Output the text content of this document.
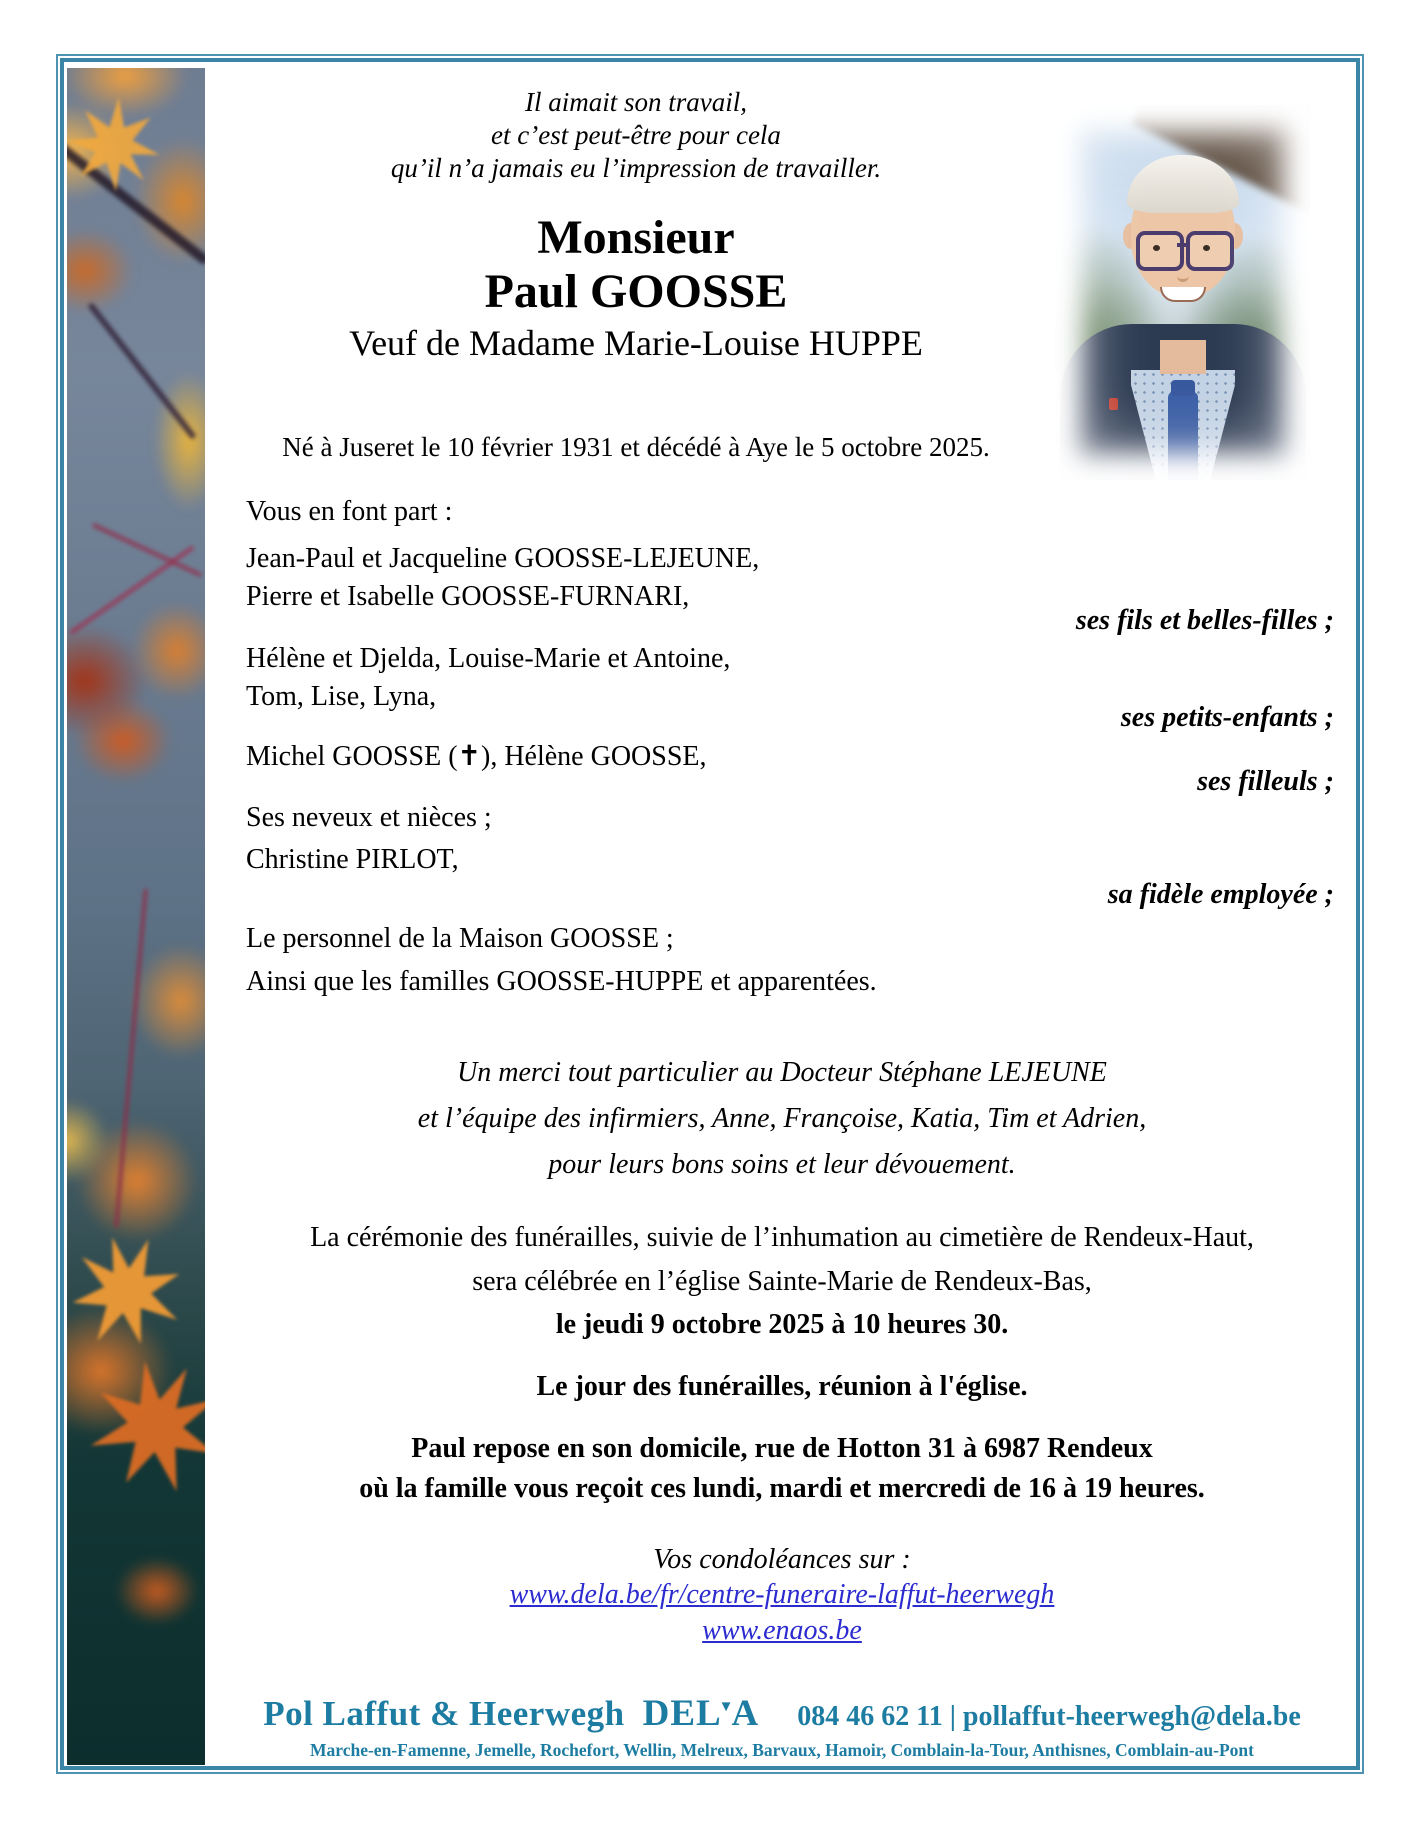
Il aimait son travail,
et c’est peut-être pour cela
qu’il n’a jamais eu l’impression de travailler.
Monsieur
Paul GOOSSE
Veuf de Madame Marie-Louise HUPPE
Né à Juseret le 10 février 1931 et décédé à Aye le 5 octobre 2025.
Vous en font part :
Jean-Paul et Jacqueline GOOSSE-LEJEUNE,
Pierre et Isabelle GOOSSE-FURNARI,
ses fils et belles-filles ;
Hélène et Djelda, Louise-Marie et Antoine,
Tom, Lise, Lyna,
ses petits-enfants ;
Michel GOOSSE (✝), Hélène GOOSSE,
ses filleuls ;
Ses neveux et nièces ;
Christine PIRLOT,
sa fidèle employée ;
Le personnel de la Maison GOOSSE ;
Ainsi que les familles GOOSSE-HUPPE et apparentées.
Un merci tout particulier au Docteur Stéphane LEJEUNE
et l’équipe des infirmiers, Anne, Françoise, Katia, Tim et Adrien,
pour leurs bons soins et leur dévouement.
La cérémonie des funérailles, suivie de l’inhumation au cimetière de Rendeux-Haut,
sera célébrée en l’église Sainte-Marie de Rendeux-Bas,
le jeudi 9 octobre 2025 à 10 heures 30.
Le jour des funérailles, réunion à l'église.
Paul repose en son domicile, rue de Hotton 31 à 6987 Rendeux
où la famille vous reçoit ces lundi, mardi et mercredi de 16 à 19 heures.
Vos condoléances sur :
www.dela.be/fr/centre-funeraire-laffut-heerwegh
www.enaos.be
Pol Laffut & Heerwegh DEL▼A 084 46 62 11 | pollaffut-heerwegh@dela.be
Marche-en-Famenne, Jemelle, Rochefort, Wellin, Melreux, Barvaux, Hamoir, Comblain-la-Tour, Anthisnes, Comblain-au-Pont
